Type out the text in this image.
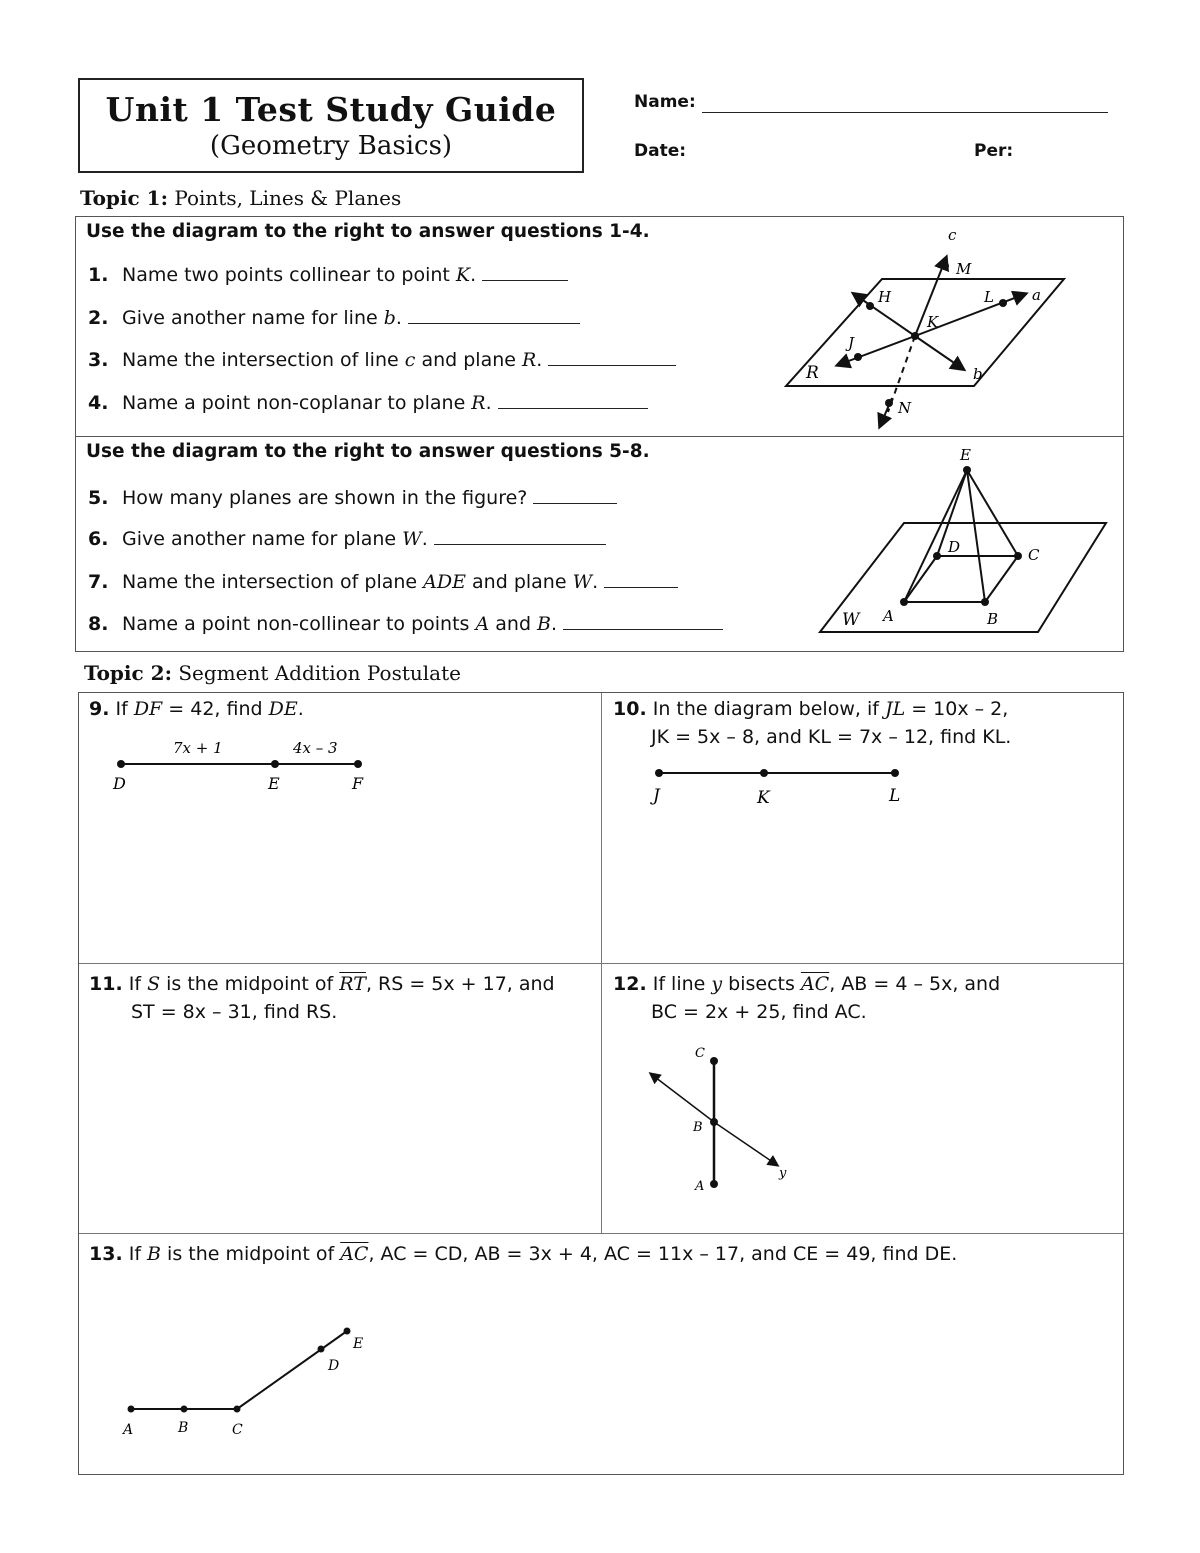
Unit 1 Test Study Guide
(Geometry Basics)
Name:
Date:	Per:
Topic 1: Points, Lines & Planes
Use the diagram to the right to answer questions 1-4.
1. Name two points collinear to point K.
2. Give another name for line b.
3. Name the intersection of line c and plane R.
4. Name a point non-coplanar to plane R.
Use the diagram to the right to answer questions 5-8.
5. How many planes are shown in the figure?
6. Give another name for plane W.
7. Name the intersection of plane ADE and plane W.
8. Name a point non-collinear to points A and B.
c
M
H	L	a
K
J
R	b
N
E
D	C
W A	B
Topic 2: Segment Addition Postulate
9. If DF = 42, find DE.
7x + 1	4x – 3
D	E	F
10. In the diagram below, if JL = 10x – 2,
JK = 5x – 8, and KL = 7x – 12, find KL.
J	K	L
11. If S is the midpoint of $\overline{RT}$, RS = 5x + 17, and
ST = 8x – 31, find RS.
12. If line y bisects $\overline{AC}$, AB = 4 – 5x, and
BC = 2x + 25, find AC.
C
B
A
y
13. If B is the midpoint of $\overline{AC}$, AC = CD, AB = 3x + 4, AC = 11x – 17, and CE = 49, find DE.
A	B	C
D
E
